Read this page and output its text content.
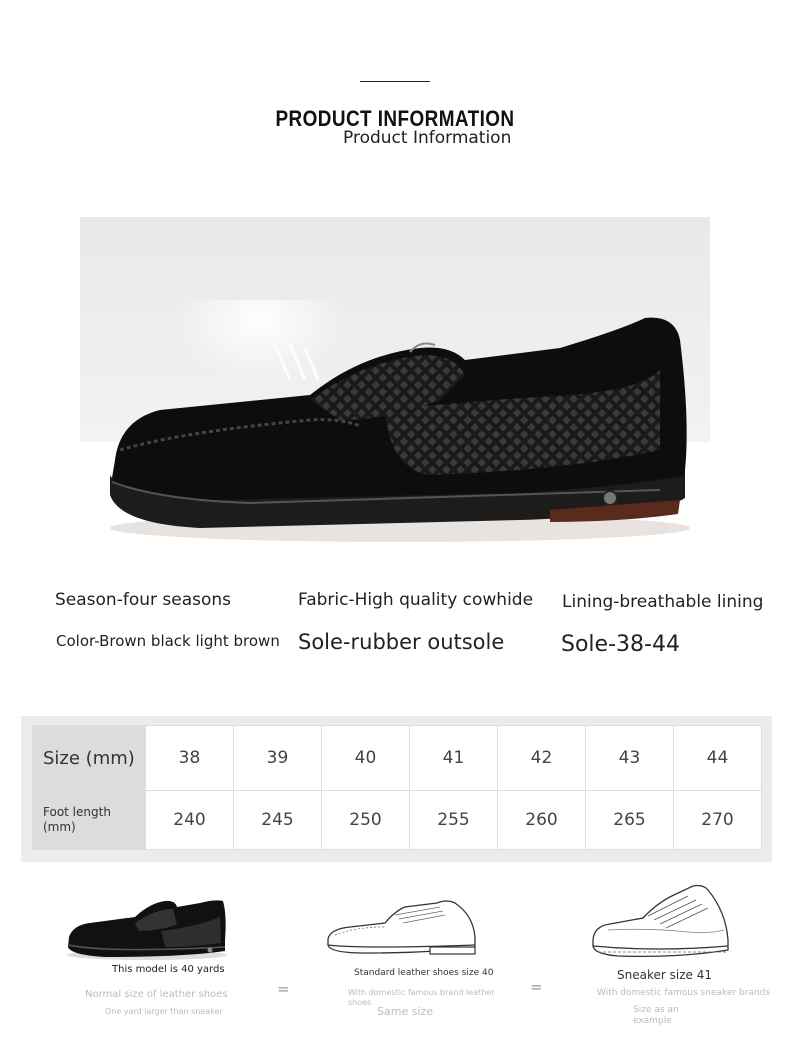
PRODUCT INFORMATION
Product Information
Season-four seasons	Fabric-High quality cowhide Lining-breathable lining
Color-Brown black light brown Sole-rubber outsole	Sole-38-44
Size (mm)	38	39	40	41	42	43	44
Foot length
(mm)	240	245	250	255	260	265	270
This model is 40 yards
Normal size of leather shoes
One yard larger than sneaker
=
Standard leather shoes size 40
With domestic famous brand leather shoes
Same size
=
Sneaker size 41
With domestic famous sneaker brands
Size as an example
